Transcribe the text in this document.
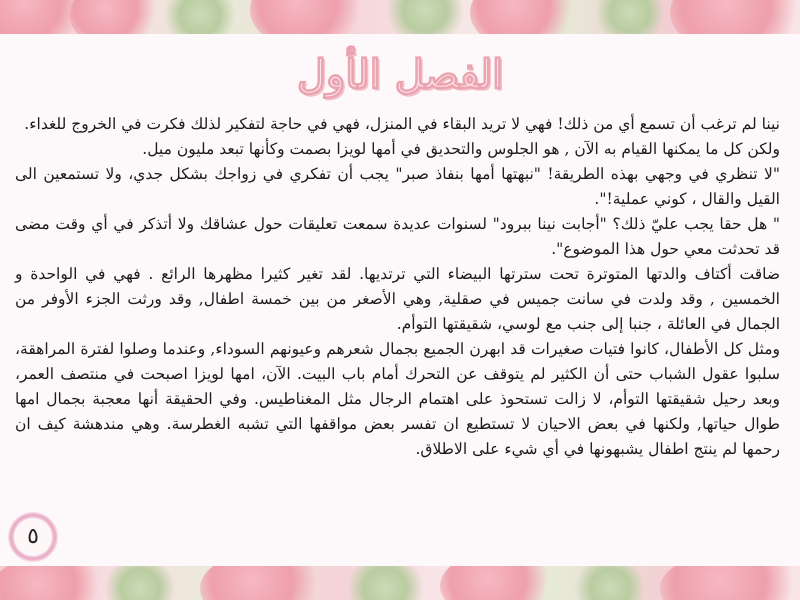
الفصل الأول

نينا لم ترغب أن تسمع أي من ذلك! فهي لا تريد البقاء في المنزل، فهي في حاجة لتفكير لذلك فكرت في الخروج للغداء.

ولكن كل ما يمكنها القيام به الآن , هو الجلوس والتحديق في أمها لويزا بصمت وكأنها تبعد مليون ميل.

"لا تنظري في وجهي بهذه الطريقة! "نبهتها أمها بنفاذ صبر" يجب أن تفكري في زواجك بشكل جدي، ولا تستمعين الى القيل والقال ، كوني عملية!".

" هل حقا يجب عليّ ذلك؟ "أجابت نينا ببرود" لسنوات عديدة سمعت تعليقات حول عشاقك ولا أتذكر في أي وقت مضى قد تحدثت معي حول هذا الموضوع".

ضاقت أكتاف والدتها المتوترة تحت سترتها البيضاء التي ترتديها. لقد تغير كثيرا مظهرها الرائع . فهي في الواحدة و الخمسين , وقد ولدت في سانت جميس في صقلية, وهي الأصغر من بين خمسة اطفال, وقد ورثت الجزء الأوفر من الجمال في العائلة ، جنبا إلى جنب مع لوسي، شقيقتها التوأم.

ومثل كل الأطفال، كانوا فتيات صغيرات قد ابهرن الجميع بجمال شعرهم وعيونهم السوداء, وعندما وصلوا لفترة المراهقة، سلبوا عقول الشباب حتى أن الكثير لم يتوقف عن التحرك أمام باب البيت. الآن، امها لويزا اصبحت في منتصف العمر، وبعد رحيل شقيقتها التوأم، لا زالت تستحوذ على اهتمام الرجال مثل المغناطيس. وفي الحقيقة أنها معجبة بجمال امها طوال حياتها, ولكنها في بعض الاحيان لا تستطيع ان تفسر بعض مواقفها التي تشبه الغطرسة. وهي مندهشة كيف ان رحمها لم ينتج اطفال يشبهونها في أي شيء على الاطلاق.

٥
